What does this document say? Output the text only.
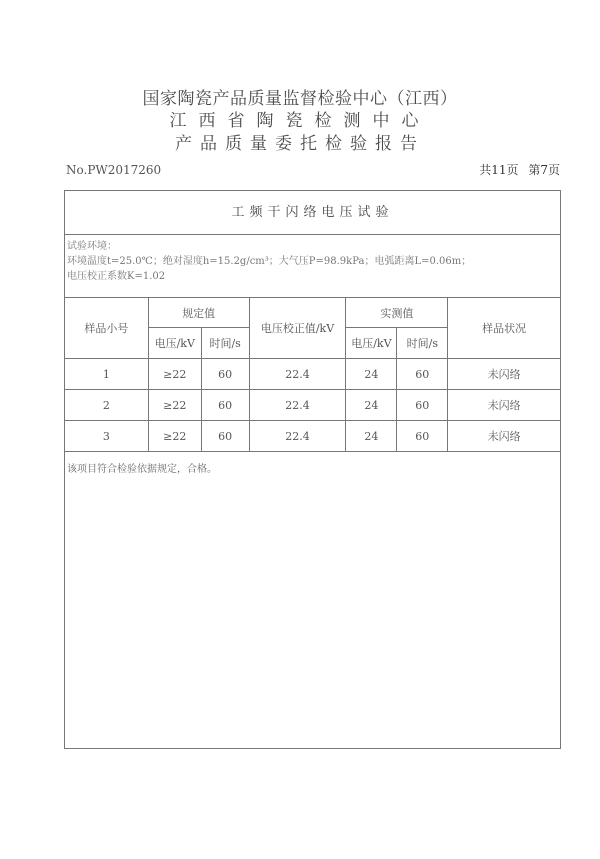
国家陶瓷产品质量监督检验中心（江西）
江西省陶瓷检测中心
产品质量委托检验报告
No.PW2017260	共11页 第7页
工频干闪络电压试验
试验环境：
环境温度t=25.0℃；绝对湿度h=15.2g/cm³；大气压P=98.9kPa；电弧距离L=0.06m；
电压校正系数K=1.02
样品小号	规定值		电压校正值/kV	实测值		样品状况
	电压/kV	时间/s		电压/kV	时间/s	
1	≥22	60	22.4	24	60	未闪络
2	≥22	60	22.4	24	60	未闪络
3	≥22	60	22.4	24	60	未闪络
该项目符合检验依据规定，合格。
